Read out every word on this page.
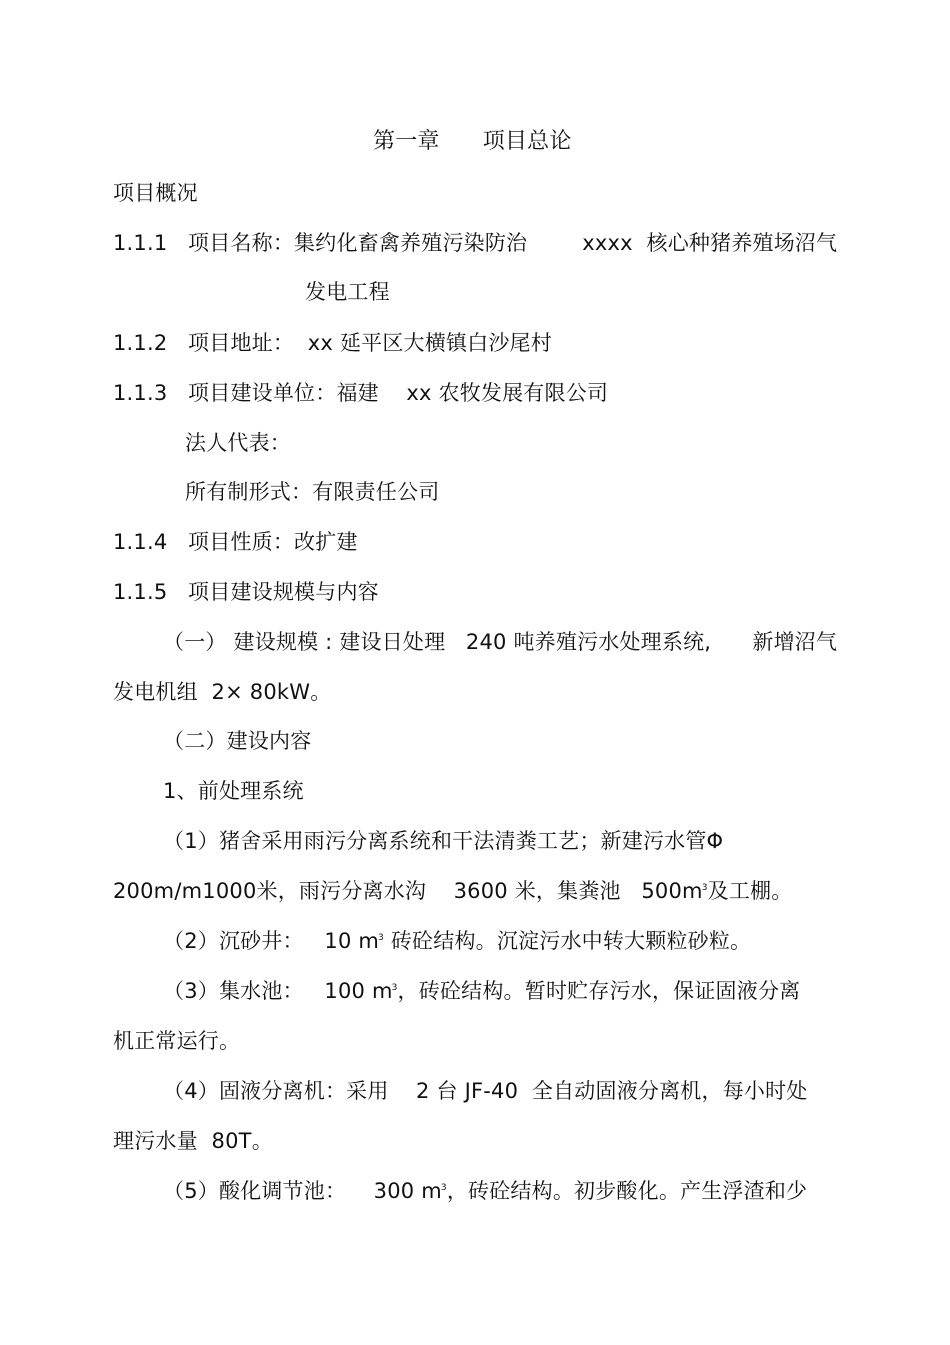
第一章      项目总论
项目概况
1.1.1   项目名称：集约化畜禽养殖污染防治        xxxx  核心种猪养殖场沼气
发电工程
1.1.2   项目地址：  xx 延平区大横镇白沙尾村
1.1.3   项目建设单位：福建    xx 农牧发展有限公司
法人代表：
所有制形式：有限责任公司
1.1.4   项目性质：改扩建
1.1.5   项目建设规模与内容
（一） 建设规模 : 建设日处理   240 吨养殖污水处理系统,      新增沼气
发电机组  2× 80kW。
（二）建设内容
1、前处理系统
（1）猪舍采用雨污分离系统和干法清粪工艺；新建污水管Φ
200m/m1000米，雨污分离水沟    3600 米，集粪池   $500m^3$及工棚。
（2）沉砂井：   10 $m^3$ 砖砼结构。沉淀污水中转大颗粒砂粒。
（3）集水池：   100 $m^3$，砖砼结构。暂时贮存污水，保证固液分离
机正常运行。
（4）固液分离机：采用    2 台 JF-40  全自动固液分离机，每小时处
理污水量  80T。
（5）酸化调节池：    300 $m^3$，砖砼结构。初步酸化。产生浮渣和少
